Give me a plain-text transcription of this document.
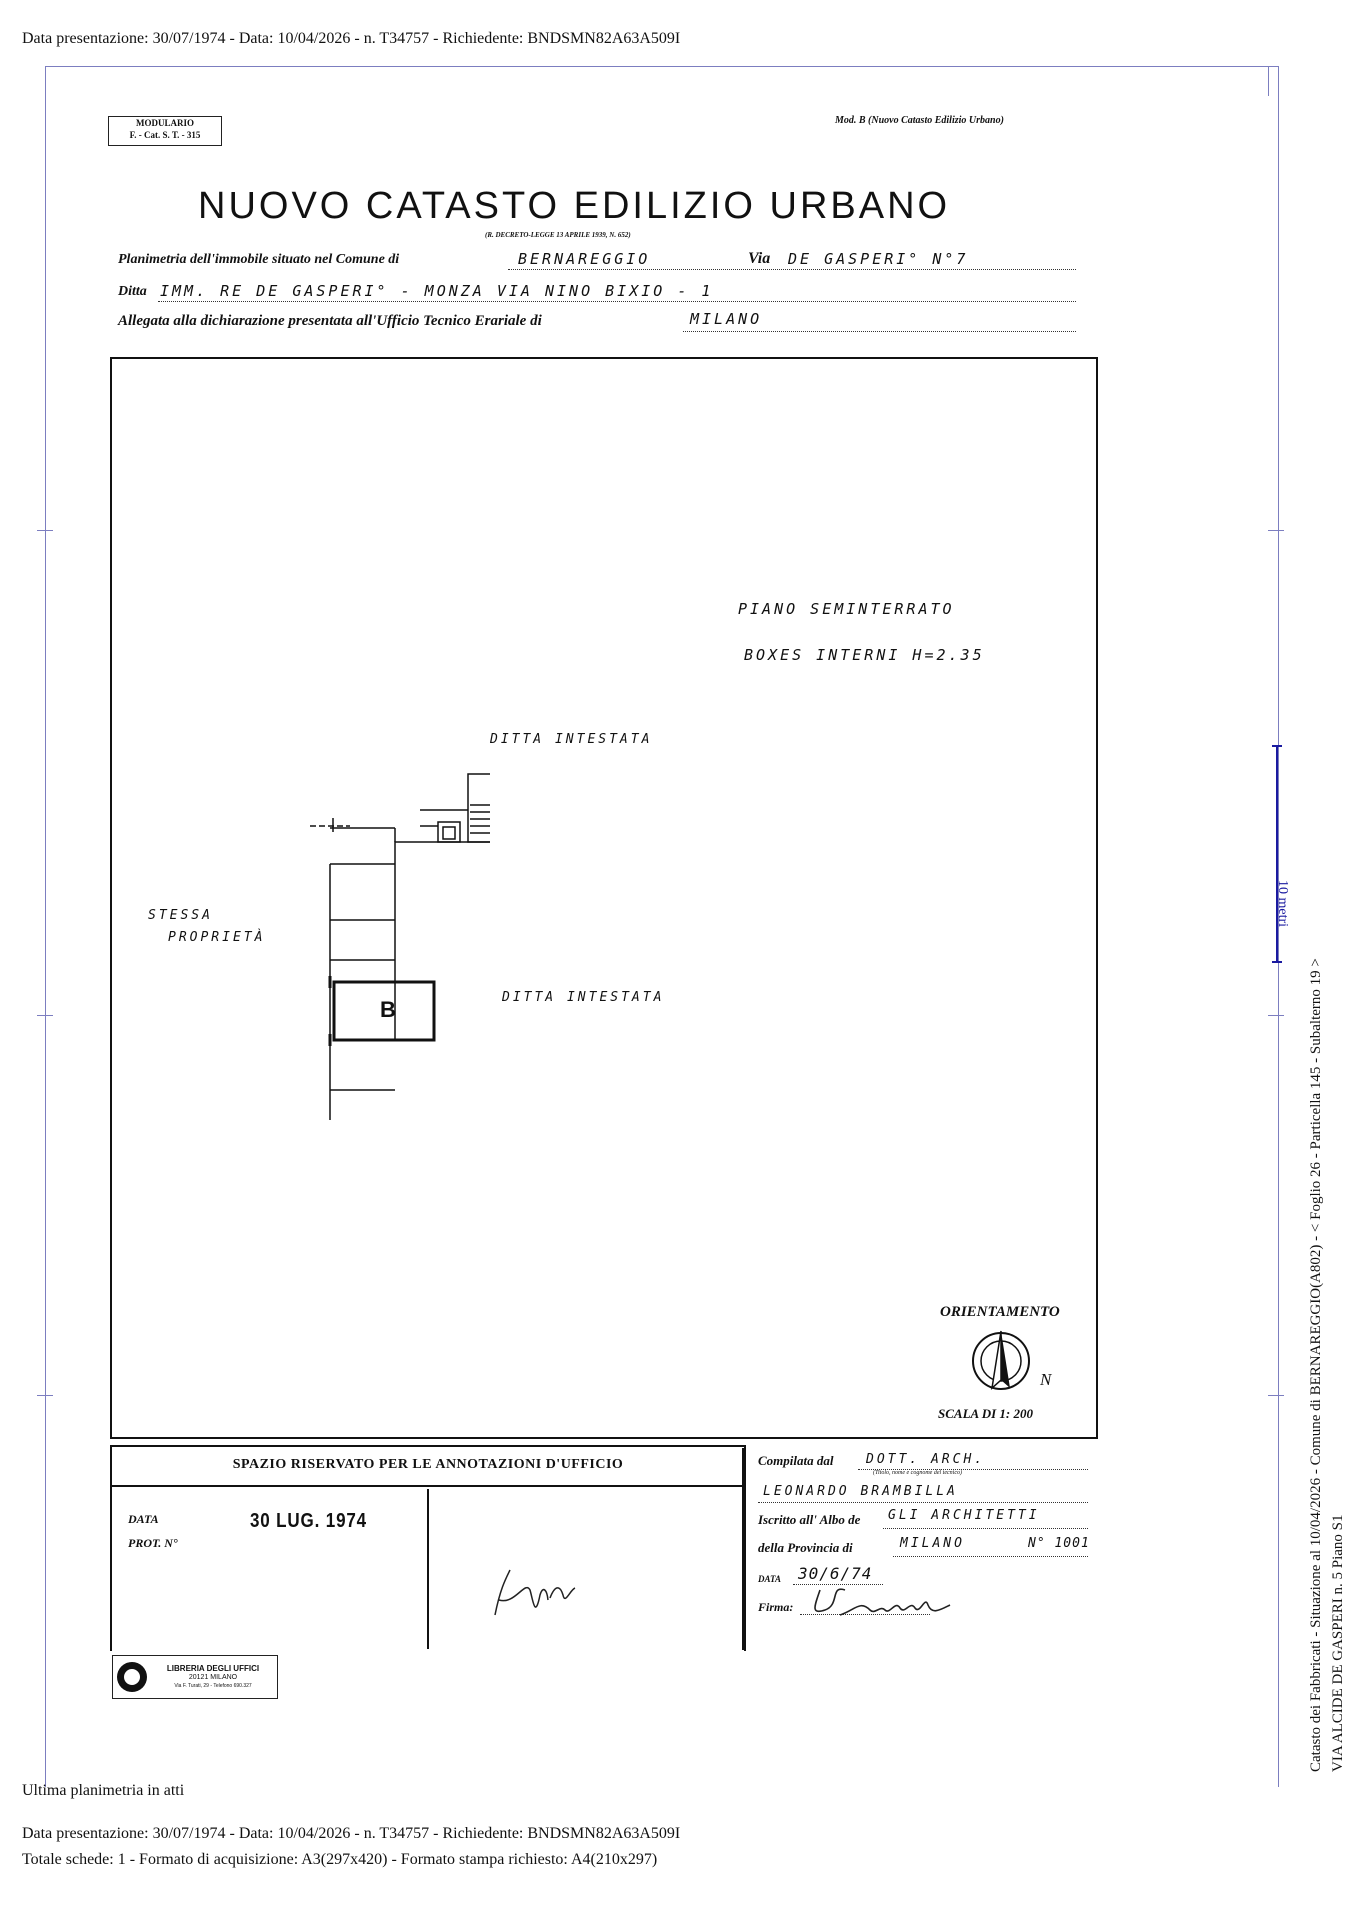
Data presentazione: 30/07/1974 - Data: 10/04/2026 - n. T34757 - Richiedente: BNDSMN82A63A509I
MODULARIO
F. - Cat. S. T. - 315
Mod. B (Nuovo Catasto Edilizio Urbano)
NUOVO CATASTO EDILIZIO URBANO
(R. DECRETO-LEGGE 13 APRILE 1939, N. 652)
Planimetria dell'immobile situato nel Comune di	BERNAREGGIO	Via DE GASPERI° N°7
Ditta IMM. RE DE GASPERI° - MONZA VIA NINO BIXIO - 1
Allegata alla dichiarazione presentata all'Ufficio Tecnico Erariale di	MILANO
PIANO SEMINTERRATO
BOXES INTERNI H=2.35
DITTA INTESTATA
DITTA INTESTATA
STESSA
PROPRIETÀ
B
ORIENTAMENTO
N
SCALA DI 1: 200
SPAZIO RISERVATO PER LE ANNOTAZIONI D'UFFICIO
DATA
PROT. N°
30 LUG. 1974
LIBRERIA DEGLI UFFICI
20121 MILANO
Via F. Turati, 29 - Telefono 690.327
Compilata dal	DOTT. ARCH.
(Titolo, nome e cognome del tecnico)
LEONARDO BRAMBILLA
Iscritto all' Albo de GLI ARCHITETTI
della Provincia di	MILANO	N° 1001
DATA 30/6/74
Firma:
Ultima planimetria in atti
Data presentazione: 30/07/1974 - Data: 10/04/2026 - n. T34757 - Richiedente: BNDSMN82A63A509I
Totale schede: 1 - Formato di acquisizione: A3(297x420) - Formato stampa richiesto: A4(210x297)
Catasto dei Fabbricati - Situazione al 10/04/2026 - Comune di BERNAREGGIO(A802) - < Foglio 26 - Particella 145 - Subalterno 19 > VIA ALCIDE DE GASPERI n. 5 Piano S1
10 metri
